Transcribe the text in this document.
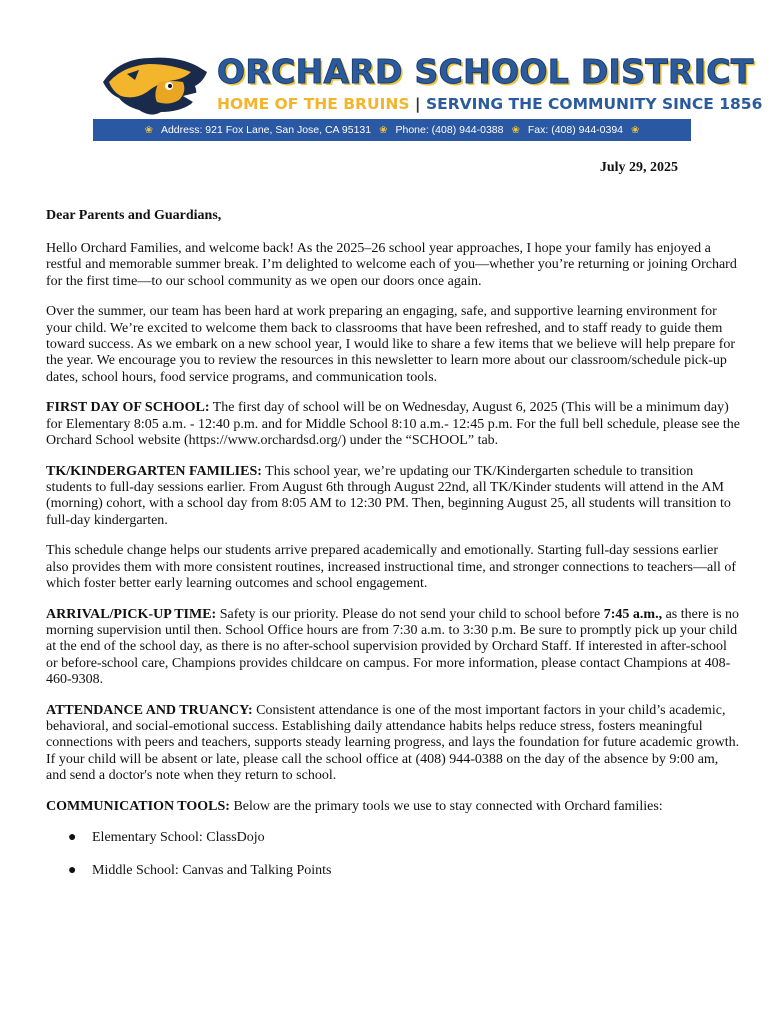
ORCHARD SCHOOL DISTRICT
HOME OF THE BRUINS | SERVING THE COMMUNITY SINCE 1856
❀ Address: 921 Fox Lane, San Jose, CA 95131 ❀ Phone: (408) 944-0388 ❀ Fax: (408) 944-0394 ❀
July 29, 2025
Dear Parents and Guardians,

Hello Orchard Families, and welcome back! As the 2025–26 school year approaches, I hope your family has enjoyed a restful and memorable summer break. I’m delighted to welcome each of you—whether you’re returning or joining Orchard for the first time—to our school community as we open our doors once again.

Over the summer, our team has been hard at work preparing an engaging, safe, and supportive learning environment for your child. We’re excited to welcome them back to classrooms that have been refreshed, and to staff ready to guide them toward success. As we embark on a new school year, I would like to share a few items that we believe will help prepare for the year. We encourage you to review the resources in this newsletter to learn more about our classroom/schedule pick-up dates, school hours, food service programs, and communication tools.

FIRST DAY OF SCHOOL: The first day of school will be on Wednesday, August 6, 2025 (This will be a minimum day) for Elementary 8:05 a.m. - 12:40 p.m. and for Middle School 8:10 a.m.- 12:45 p.m. For the full bell schedule, please see the Orchard School website (https://www.orchardsd.org/) under the “SCHOOL” tab.

TK/KINDERGARTEN FAMILIES: This school year, we’re updating our TK/Kindergarten schedule to transition students to full-day sessions earlier. From August 6th through August 22nd, all TK/Kinder students will attend in the AM (morning) cohort, with a school day from 8:05 AM to 12:30 PM. Then, beginning August 25, all students will transition to full-day kindergarten.

This schedule change helps our students arrive prepared academically and emotionally. Starting full-day sessions earlier also provides them with more consistent routines, increased instructional time, and stronger connections to teachers—all of which foster better early learning outcomes and school engagement.

ARRIVAL/PICK-UP TIME: Safety is our priority. Please do not send your child to school before 7:45 a.m., as there is no morning supervision until then. School Office hours are from 7:30 a.m. to 3:30 p.m. Be sure to promptly pick up your child at the end of the school day, as there is no after-school supervision provided by Orchard Staff. If interested in after-school or before-school care, Champions provides childcare on campus. For more information, please contact Champions at 408-460-9308.

ATTENDANCE AND TRUANCY: Consistent attendance is one of the most important factors in your child’s academic, behavioral, and social-emotional success. Establishing daily attendance habits helps reduce stress, fosters meaningful connections with peers and teachers, supports steady learning progress, and lays the foundation for future academic growth. If your child will be absent or late, please call the school office at (408) 944-0388 on the day of the absence by 9:00 am, and send a doctor's note when they return to school.

COMMUNICATION TOOLS: Below are the primary tools we use to stay connected with Orchard families:

● Elementary School: ClassDojo
● Middle School: Canvas and Talking Points
